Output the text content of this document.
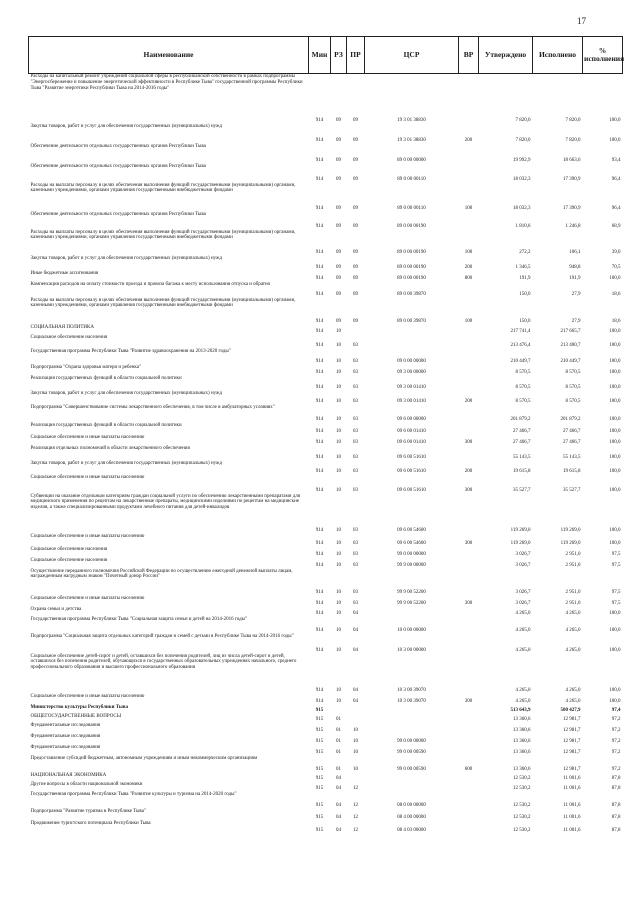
17
Наименование	Мин	РЗ	ПР	ЦСР	ВР	Утверждено	Исполнено	% исполнения
Расходы на капитальный ремонт учреждений социальной сферы в республиканской собственности в рамках подпрограммы "Энергосбережение и повышение энергетической эффективности в Республике Тыва" государственной программы Республики Тыва "Развитие энергетики Республики Тыва на 2014-2016 годы"	914	09	09	19 3 01 38830		7 820,0	7 820,0	100,0
Закупка товаров, работ и услуг для обеспечения государственных (муниципальных) нужд	914	09	09	19 3 01 38830	200	7 820,0	7 820,0	100,0
Обеспечение деятельности отдельных государственных органов Республики Тыва	914	09	09	89 0 00 00000		19 992,9	18 663,6	93,4
Обеспечение деятельности отдельных государственных органов Республики Тыва	914	09	09	89 0 00 00110		18 032,3	17 390,9	96,4
Расходы на выплаты персоналу в целях обеспечения выполнения функций государственными (муниципальными) органами, казенными учреждениями, органами управления государственными внебюджетными фондами	914	09	09	89 0 00 00110	100	18 032,3	17 390,9	96,4
Обеспечение деятельности отдельных государственных органов Республики Тыва	914	09	09	89 0 00 00190		1 810,6	1 246,8	68,9
Расходы на выплаты персоналу в целях обеспечения выполнения функций государственными (муниципальными) органами, казенными учреждениями, органами управления государственными внебюджетными фондами	914	09	09	89 0 00 00190	100	272,2	106,1	39,0
Закупка товаров, работ и услуг для обеспечения государственных (муниципальных) нужд	914	09	09	89 0 00 00190	200	1 346,5	948,8	70,5
Иные бюджетные ассигнования	914	09	09	89 0 00 00190	800	191,9	191,9	100,0
Компенсация расходов на оплату стоимости проезда и провоза багажа к месту использования отпуска и обратно	914	09	09	89 0 00 39870		150,0	27,9	18,6
Расходы на выплаты персоналу в целях обеспечения выполнения функций государственными (муниципальными) органами, казенными учреждениями, органами управления государственными внебюджетными фондами	914	09	09	89 0 00 39870	100	150,0	27,9	18,6
СОЦИАЛЬНАЯ ПОЛИТИКА	914	10				217 741,4	217 665,7	100,0
Социальное обеспечение населения	914	10	03			213 476,4	213 400,7	100,0
Государственная программа Республики Тыва "Развитие здравоохранения на 2013-2020 годы"	914	10	03	09 0 00 00000		210 449,7	210 449,7	100,0
Подпрограмма "Охрана здоровья матери и ребенка"	914	10	03	09 3 00 00000		8 570,5	8 570,5	100,0
Реализация государственных функций в области социальной политики	914	10	03	09 3 00 01410		8 570,5	8 570,5	100,0
Закупка товаров, работ и услуг для обеспечения государственных (муниципальных) нужд	914	10	03	09 3 00 01410	200	8 570,5	8 570,5	100,0
Подпрограмма "Совершенствование системы лекарственного обеспечения, в том числе в амбулаторных условиях"	914	10	03	09 6 00 00000		201 879,2	201 879,2	100,0
Реализация государственных функций в области социальной политики	914	10	03	09 6 00 01410		27 466,7	27 466,7	100,0
Социальное обеспечение и иные выплаты населению	914	10	03	09 6 00 01410	300	27 466,7	27 466,7	100,0
Реализация отдельных полномочий в области лекарственного обеспечения	914	10	03	09 6 00 51610		55 143,5	55 143,5	100,0
Закупка товаров, работ и услуг для обеспечения государственных (муниципальных) нужд	914	10	03	09 6 00 51610	200	19 615,8	19 615,8	100,0
Социальное обеспечение и иные выплаты населению	914	10	03	09 6 00 51610	300	35 527,7	35 527,7	100,0
Субвенции на оказание отдельным категориям граждан социальной услуги по обеспечению лекарственными препаратами для медицинского применения по рецептам на лекарственные препараты, медицинскими изделиями по рецептам на медицинские изделия, а также специализированными продуктами лечебного питания для детей-инвалидов	914	10	03	09 6 00 54600		119 269,0	119 269,0	100,0
Социальное обеспечение и иные выплаты населению	914	10	03	09 6 00 54600	300	119 269,0	119 269,0	100,0
Социальное обеспечение населения	914	10	03	99 0 00 00000		3 026,7	2 951,0	97,5
Социальное обеспечение населения	914	10	03	99 9 00 00000		3 026,7	2 951,0	97,5
Осуществление переданного полномочия Российской Федерации по осуществлению ежегодной денежной выплаты лицам, награжденным нагрудным знаком "Почетный донор России"	914	10	03	99 9 00 52200		3 026,7	2 951,0	97,5
Социальное обеспечение и иные выплаты населению	914	10	03	99 9 00 52200	300	3 026,7	2 951,0	97,5
Охрана семьи и детства	914	10	04			4 265,0	4 265,0	100,0
Государственная программа Республики Тыва "Социальная защита семьи и детей на 2014-2016 годы"	914	10	04	10 0 00 00000		4 265,0	4 265,0	100,0
Подпрограмма "Социальная защита отдельных категорий граждан и семей с детьми в Республике Тыва на 2014-2016 годы"	914	10	04	10 3 00 00000		4 265,0	4 265,0	100,0
Социальное обеспечение детей-сирот и детей, оставшихся без попечения родителей, лиц из числа детей-сирот и детей, оставшихся без попечения родителей, обучающихся в государственных образовательных учреждениях начального, среднего профессионального образования и высшего профессионального образования	914	10	04	10 3 00 39070		4 265,0	4 265,0	100,0
Социальное обеспечение и иные выплаты населению	914	10	04	10 3 00 39070	300	4 265,0	4 265,0	100,0
Министерство культуры Республики Тыва	915					513 643,9	500 427,9	97,4
ОБЩЕГОСУДАРСТВЕННЫЕ ВОПРОСЫ	915	01				13 360,6	12 981,7	97,2
Фундаментальные исследования	915	01	10			13 360,6	12 981,7	97,2
Фундаментальные исследования	915	01	10	99 0 00 00000		13 360,6	12 981,7	97,2
Фундаментальные исследования	915	01	10	99 0 00 00590		13 360,6	12 981,7	97,2
Предоставление субсидий бюджетным, автономным учреждениям и иным некоммерческим организациям	915	01	10	99 0 00 00590	600	13 360,6	12 981,7	97,2
НАЦИОНАЛЬНАЯ ЭКОНОМИКА	915	04				12 530,2	11 001,6	87,8
Другие вопросы в области национальной экономики	915	04	12			12 530,2	11 001,6	87,8
Государственная программа Республики Тыва "Развитие культуры и туризма на 2014-2020 годы"	915	04	12	08 0 00 00000		12 530,2	11 001,6	87,8
Подпрограмма "Развитие туризма в Республике Тыва"	915	04	12	08 4 00 00000		12 530,2	11 001,6	87,8
Продвижение туристского потенциала Республики Тыва	915	04	12	08 4 03 00000		12 530,2	11 001,6	87,8
